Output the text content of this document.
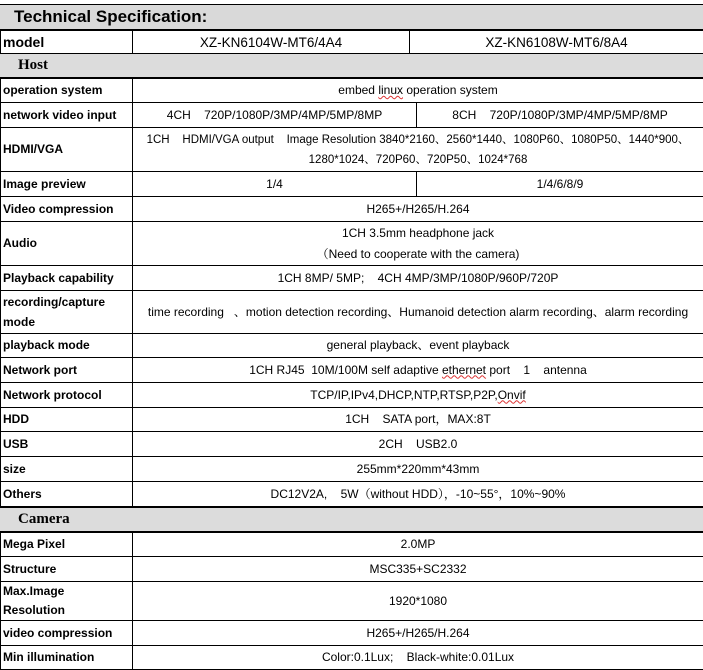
Technical Specification:
model	XZ-KN6104W-MT6/4A4	XZ-KN6108W-MT6/8A4
Host
operation system	embed linux operation system	
network video input	4CH    720P/1080P/3MP/4MP/5MP/8MP	8CH    720P/1080P/3MP/4MP/5MP/8MP
HDMI/VGA	1CH    HDMI/VGA output    Image Resolution 3840*2160、2560*1440、1080P60、1080P50、1440*900、
1280*1024、720P60、720P50、1024*768	

Image preview	1/4	1/4/6/8/9
Video compression	H265+/H265/H.264	
Audio	1CH 3.5mm headphone jack
（Need to cooperate with the camera)	

Playback capability	1CH 8MP/ 5MP;    4CH 4MP/3MP/1080P/960P/720P	
recording/capture mode	time recording   、motion detection recording、Humanoid detection alarm recording、alarm recording	
playback mode	general playback、event playback	
Network port	1CH RJ45  10M/100M self adaptive ethernet port    1    antenna	
Network protocol	TCP/IP,IPv4,DHCP,NTP,RTSP,P2P,Onvif	
HDD	1CH    SATA port，MAX:8T	
USB	2CH    USB2.0	
size	255mm*220mm*43mm	
Others	DC12V2A,    5W（without HDD），-10~55°，10%~90%	
Camera
Mega Pixel	2.0MP
Structure	MSC335+SC2332
Max.Image Resolution	1920*1080
video compression	H265+/H265/H.264
Min illumination	Color:0.1Lux;    Black-white:0.01Lux
